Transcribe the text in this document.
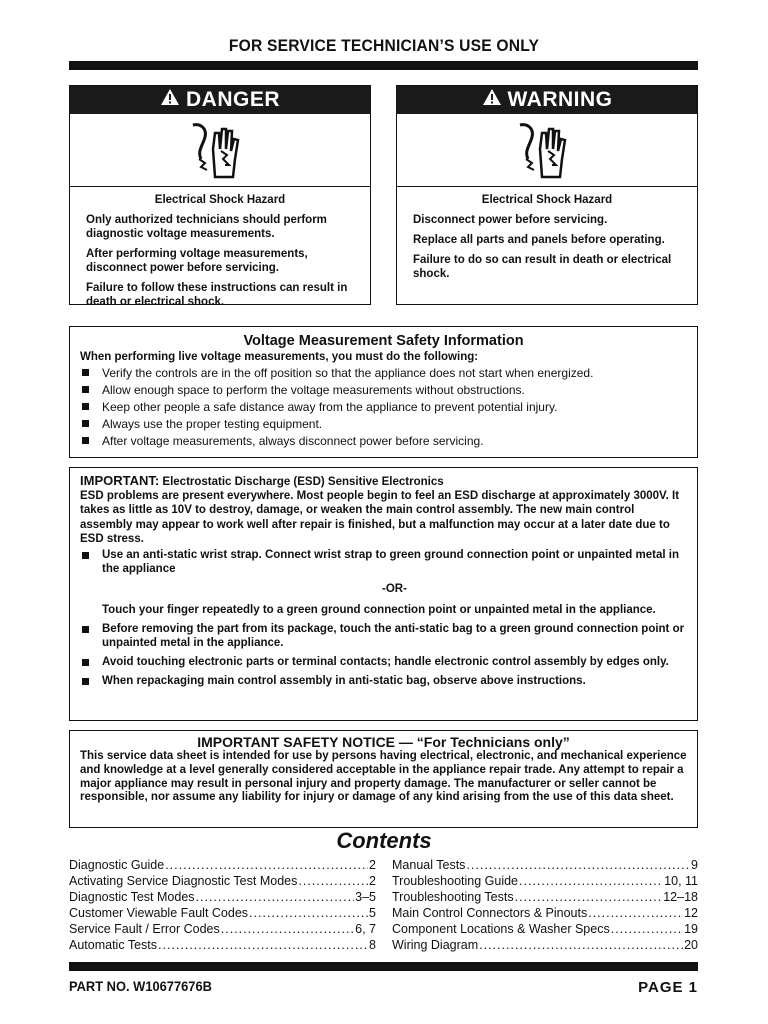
FOR SERVICE TECHNICIAN’S USE ONLY
DANGER
Electrical Shock Hazard

Only authorized technicians should perform diagnostic voltage measurements.

After performing voltage measurements, disconnect power before servicing.

Failure to follow these instructions can result in death or electrical shock.

WARNING
Electrical Shock Hazard

Disconnect power before servicing.

Replace all parts and panels before operating.

Failure to do so can result in death or electrical shock.

Voltage Measurement Safety Information
When performing live voltage measurements, you must do the following:
Verify the controls are in the off position so that the appliance does not start when energized.
Allow enough space to perform the voltage measurements without obstructions.
Keep other people a safe distance away from the appliance to prevent potential injury.
Always use the proper testing equipment.
After voltage measurements, always disconnect power before servicing.
IMPORTANT: Electrostatic Discharge (ESD) Sensitive Electronics
ESD problems are present everywhere. Most people begin to feel an ESD discharge at approximately 3000V. It takes as little as 10V to destroy, damage, or weaken the main control assembly. The new main control assembly may appear to work well after repair is finished, but a malfunction may occur at a later date due to ESD stress.
Use an anti-static wrist strap. Connect wrist strap to green ground connection point or unpainted metal in the appliance
-OR-
Touch your finger repeatedly to a green ground connection point or unpainted metal in the appliance.
Before removing the part from its package, touch the anti-static bag to a green ground connection point or unpainted metal in the appliance.
Avoid touching electronic parts or terminal contacts; handle electronic control assembly by edges only.
When repackaging main control assembly in anti-static bag, observe above instructions.
IMPORTANT SAFETY NOTICE — “For Technicians only”
This service data sheet is intended for use by persons having electrical, electronic, and mechanical experience and knowledge at a level generally considered acceptable in the appliance repair trade. Any attempt to repair a major appliance may result in personal injury and property damage. The manufacturer or seller cannot be responsible, nor assume any liability for injury or damage of any kind arising from the use of this data sheet.
Contents
Diagnostic Guide .....	2
Activating Service Diagnostic Test Modes .....	2
Diagnostic Test Modes .....	3–5
Customer Viewable Fault Codes .....	5
Service Fault / Error Codes .....	6, 7
Automatic Tests .....	8
Manual Tests .....	9
Troubleshooting Guide .....	10, 11
Troubleshooting Tests .....	12–18
Main Control Connectors & Pinouts .....	12
Component Locations & Washer Specs .....	19
Wiring Diagram .....	20
PART NO. W10677676B	PAGE 1
